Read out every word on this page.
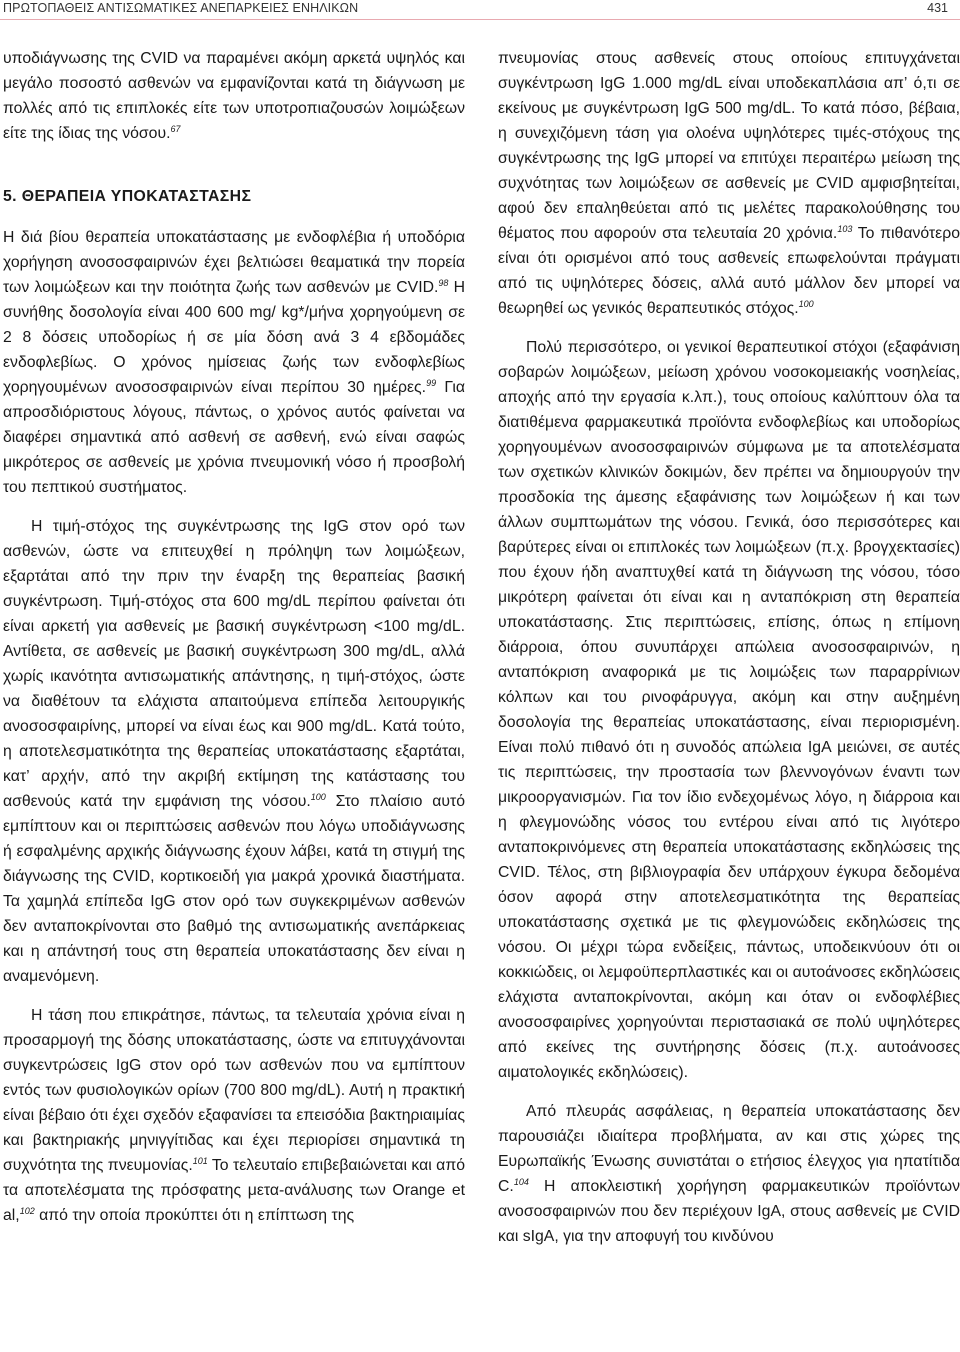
ΠΡΩΤΟΠΑΘΕΙΣ ΑΝΤΙΣΩΜΑΤΙΚΕΣ ΑΝΕΠΑΡΚΕΙΕΣ ΕΝΗΛΙΚΩΝ	431

υποδιάγνωσης της CVID να παραμένει ακόμη αρκετά υψηλός και μεγάλο ποσοστό ασθενών να εμφανίζονται κατά τη διάγνωση με πολλές από τις επιπλοκές είτε των υποτροπιαζουσών λοιμώξεων είτε της ίδιας της νόσου.$^{67}$

5. ΘΕΡΑΠΕΙΑ ΥΠΟΚΑΤΑΣΤΑΣΗΣ

Η διά βίου θεραπεία υποκατάστασης με ενδοφλέβια ή υποδόρια χορήγηση ανοσοσφαιρινών έχει βελτιώσει θεαματικά την πορεία των λοιμώξεων και την ποιότητα ζωής των ασθενών με CVID.$^{98}$ Η συνήθης δοσολογία είναι 400 600 mg/ kg*/μήνα χορηγούμενη σε 2 8 δόσεις υποδορίως ή σε μία δόση ανά 3 4 εβδομάδες ενδοφλεβίως. Ο χρόνος ημίσειας ζωής των ενδοφλεβίως χορηγουμένων ανοσοσφαιρινών είναι περίπου 30 ημέρες.$^{99}$ Για απροσδιόριστους λόγους, πάντως, ο χρόνος αυτός φαίνεται να διαφέρει σημαντικά από ασθενή σε ασθενή, ενώ είναι σαφώς μικρότερος σε ασθενείς με χρόνια πνευμονική νόσο ή προσβολή του πεπτικού συστήματος.

Η τιμή-στόχος της συγκέντρωσης της IgG στον ορό των ασθενών, ώστε να επιτευχθεί η πρόληψη των λοιμώξεων, εξαρτάται από την πριν την έναρξη της θεραπείας βασική συγκέντρωση. Τιμή-στόχος στα 600 mg/dL περίπου φαίνεται ότι είναι αρκετή για ασθενείς με βασική συγκέντρωση <100 mg/dL. Αντίθετα, σε ασθενείς με βασική συγκέντρωση 300 mg/dL, αλλά χωρίς ικανότητα αντισωματικής απάντησης, η τιμή-στόχος, ώστε να διαθέτουν τα ελάχιστα απαιτούμενα επίπεδα λειτουργικής ανοσοσφαιρίνης, μπορεί να είναι έως και 900 mg/dL. Κατά τούτο, η αποτελεσματικότητα της θεραπείας υποκατάστασης εξαρτάται, κατ’ αρχήν, από την ακριβή εκτίμηση της κατάστασης του ασθενούς κατά την εμφάνιση της νόσου.$^{100}$ Στο πλαίσιο αυτό εμπίπτουν και οι περιπτώσεις ασθενών που λόγω υποδιάγνωσης ή εσφαλμένης αρχικής διάγνωσης έχουν λάβει, κατά τη στιγμή της διάγνωσης της CVID, κορτικοειδή για μακρά χρονικά διαστήματα. Τα χαμηλά επίπεδα IgG στον ορό των συγκεκριμένων ασθενών δεν ανταποκρίνονται στο βαθμό της αντισωματικής ανεπάρκειας και η απάντησή τους στη θεραπεία υποκατάστασης δεν είναι η αναμενόμενη.

Η τάση που επικράτησε, πάντως, τα τελευταία χρόνια είναι η προσαρμογή της δόσης υποκατάστασης, ώστε να επιτυγχάνονται συγκεντρώσεις IgG στον ορό των ασθενών που να εμπίπτουν εντός των φυσιολογικών ορίων (700 800 mg/dL). Αυτή η πρακτική είναι βέβαιο ότι έχει σχεδόν εξαφανίσει τα επεισόδια βακτηριαιμίας και βακτηριακής μηνιγγίτιδας και έχει περιορίσει σημαντικά τη συχνότητα της πνευμονίας.$^{101}$ Το τελευταίο επιβεβαιώνεται και από τα αποτελέσματα της πρόσφατης μετα-ανάλυσης των Orange et al,$^{102}$ από την οποία προκύπτει ότι η επίπτωση της

πνευμονίας στους ασθενείς στους οποίους επιτυγχάνεται συγκέντρωση IgG 1.000 mg/dL είναι υποδεκαπλάσια απ’ ό,τι σε εκείνους με συγκέντρωση IgG 500 mg/dL. Το κατά πόσο, βέβαια, η συνεχιζόμενη τάση για ολοένα υψηλότερες τιμές-στόχους της συγκέντρωσης της IgG μπορεί να επιτύχει περαιτέρω μείωση της συχνότητας των λοιμώξεων σε ασθενείς με CVID αμφισβητείται, αφού δεν επαληθεύεται από τις μελέτες παρακολούθησης του θέματος που αφορούν στα τελευταία 20 χρόνια.$^{103}$ Το πιθανότερο είναι ότι ορισμένοι από τους ασθενείς επωφελούνται πράγματι από τις υψηλότερες δόσεις, αλλά αυτό μάλλον δεν μπορεί να θεωρηθεί ως γενικός θεραπευτικός στόχος.$^{100}$

Πολύ περισσότερο, οι γενικοί θεραπευτικοί στόχοι (εξαφάνιση σοβαρών λοιμώξεων, μείωση χρόνου νοσοκομειακής νοσηλείας, αποχής από την εργασία κ.λπ.), τους οποίους καλύπτουν όλα τα διατιθέμενα φαρμακευτικά προϊόντα ενδοφλεβίως και υποδορίως χορηγουμένων ανοσοσφαιρινών σύμφωνα με τα αποτελέσματα των σχετικών κλινικών δοκιμών, δεν πρέπει να δημιουργούν την προσδοκία της άμεσης εξαφάνισης των λοιμώξεων ή και των άλλων συμπτωμάτων της νόσου. Γενικά, όσο περισσότερες και βαρύτερες είναι οι επιπλοκές των λοιμώξεων (π.χ. βρογχεκτασίες) που έχουν ήδη αναπτυχθεί κατά τη διάγνωση της νόσου, τόσο μικρότερη φαίνεται ότι είναι και η ανταπόκριση στη θεραπεία υποκατάστασης. Στις περιπτώσεις, επίσης, όπως η επίμονη διάρροια, όπου συνυπάρχει απώλεια ανοσοσφαιρινών, η ανταπόκριση αναφορικά με τις λοιμώξεις των παραρρίνιων κόλπων και του ρινοφάρυγγα, ακόμη και στην αυξημένη δοσολογία της θεραπείας υποκατάστασης, είναι περιορισμένη. Είναι πολύ πιθανό ότι η συνοδός απώλεια IgA μειώνει, σε αυτές τις περιπτώσεις, την προστασία των βλεννογόνων έναντι των μικροοργανισμών. Για τον ίδιο ενδεχομένως λόγο, η διάρροια και η φλεγμονώδης νόσος του εντέρου είναι από τις λιγότερο ανταποκρινόμενες στη θεραπεία υποκατάστασης εκδηλώσεις της CVID. Τέλος, στη βιβλιογραφία δεν υπάρχουν έγκυρα δεδομένα όσον αφορά στην αποτελεσματικότητα της θεραπείας υποκατάστασης σχετικά με τις φλεγμονώδεις εκδηλώσεις της νόσου. Οι μέχρι τώρα ενδείξεις, πάντως, υποδεικνύουν ότι οι κοκκιώδεις, οι λεμφοϋπερπλαστικές και οι αυτοάνοσες εκδηλώσεις ελάχιστα ανταποκρίνονται, ακόμη και όταν οι ενδοφλέβιες ανοσοσφαιρίνες χορηγούνται περιστασιακά σε πολύ υψηλότερες από εκείνες της συντήρησης δόσεις (π.χ. αυτοάνοσες αιματολογικές εκδηλώσεις).

Από πλευράς ασφάλειας, η θεραπεία υποκατάστασης δεν παρουσιάζει ιδιαίτερα προβλήματα, αν και στις χώρες της Ευρωπαϊκής Ένωσης συνιστάται ο ετήσιος έλεγχος για ηπατίτιδα C.$^{104}$ Η αποκλειστική χορήγηση φαρμακευτικών προϊόντων ανοσοσφαιρινών που δεν περιέχουν IgA, στους ασθενείς με CVID και sIgA, για την αποφυγή του κινδύνου
